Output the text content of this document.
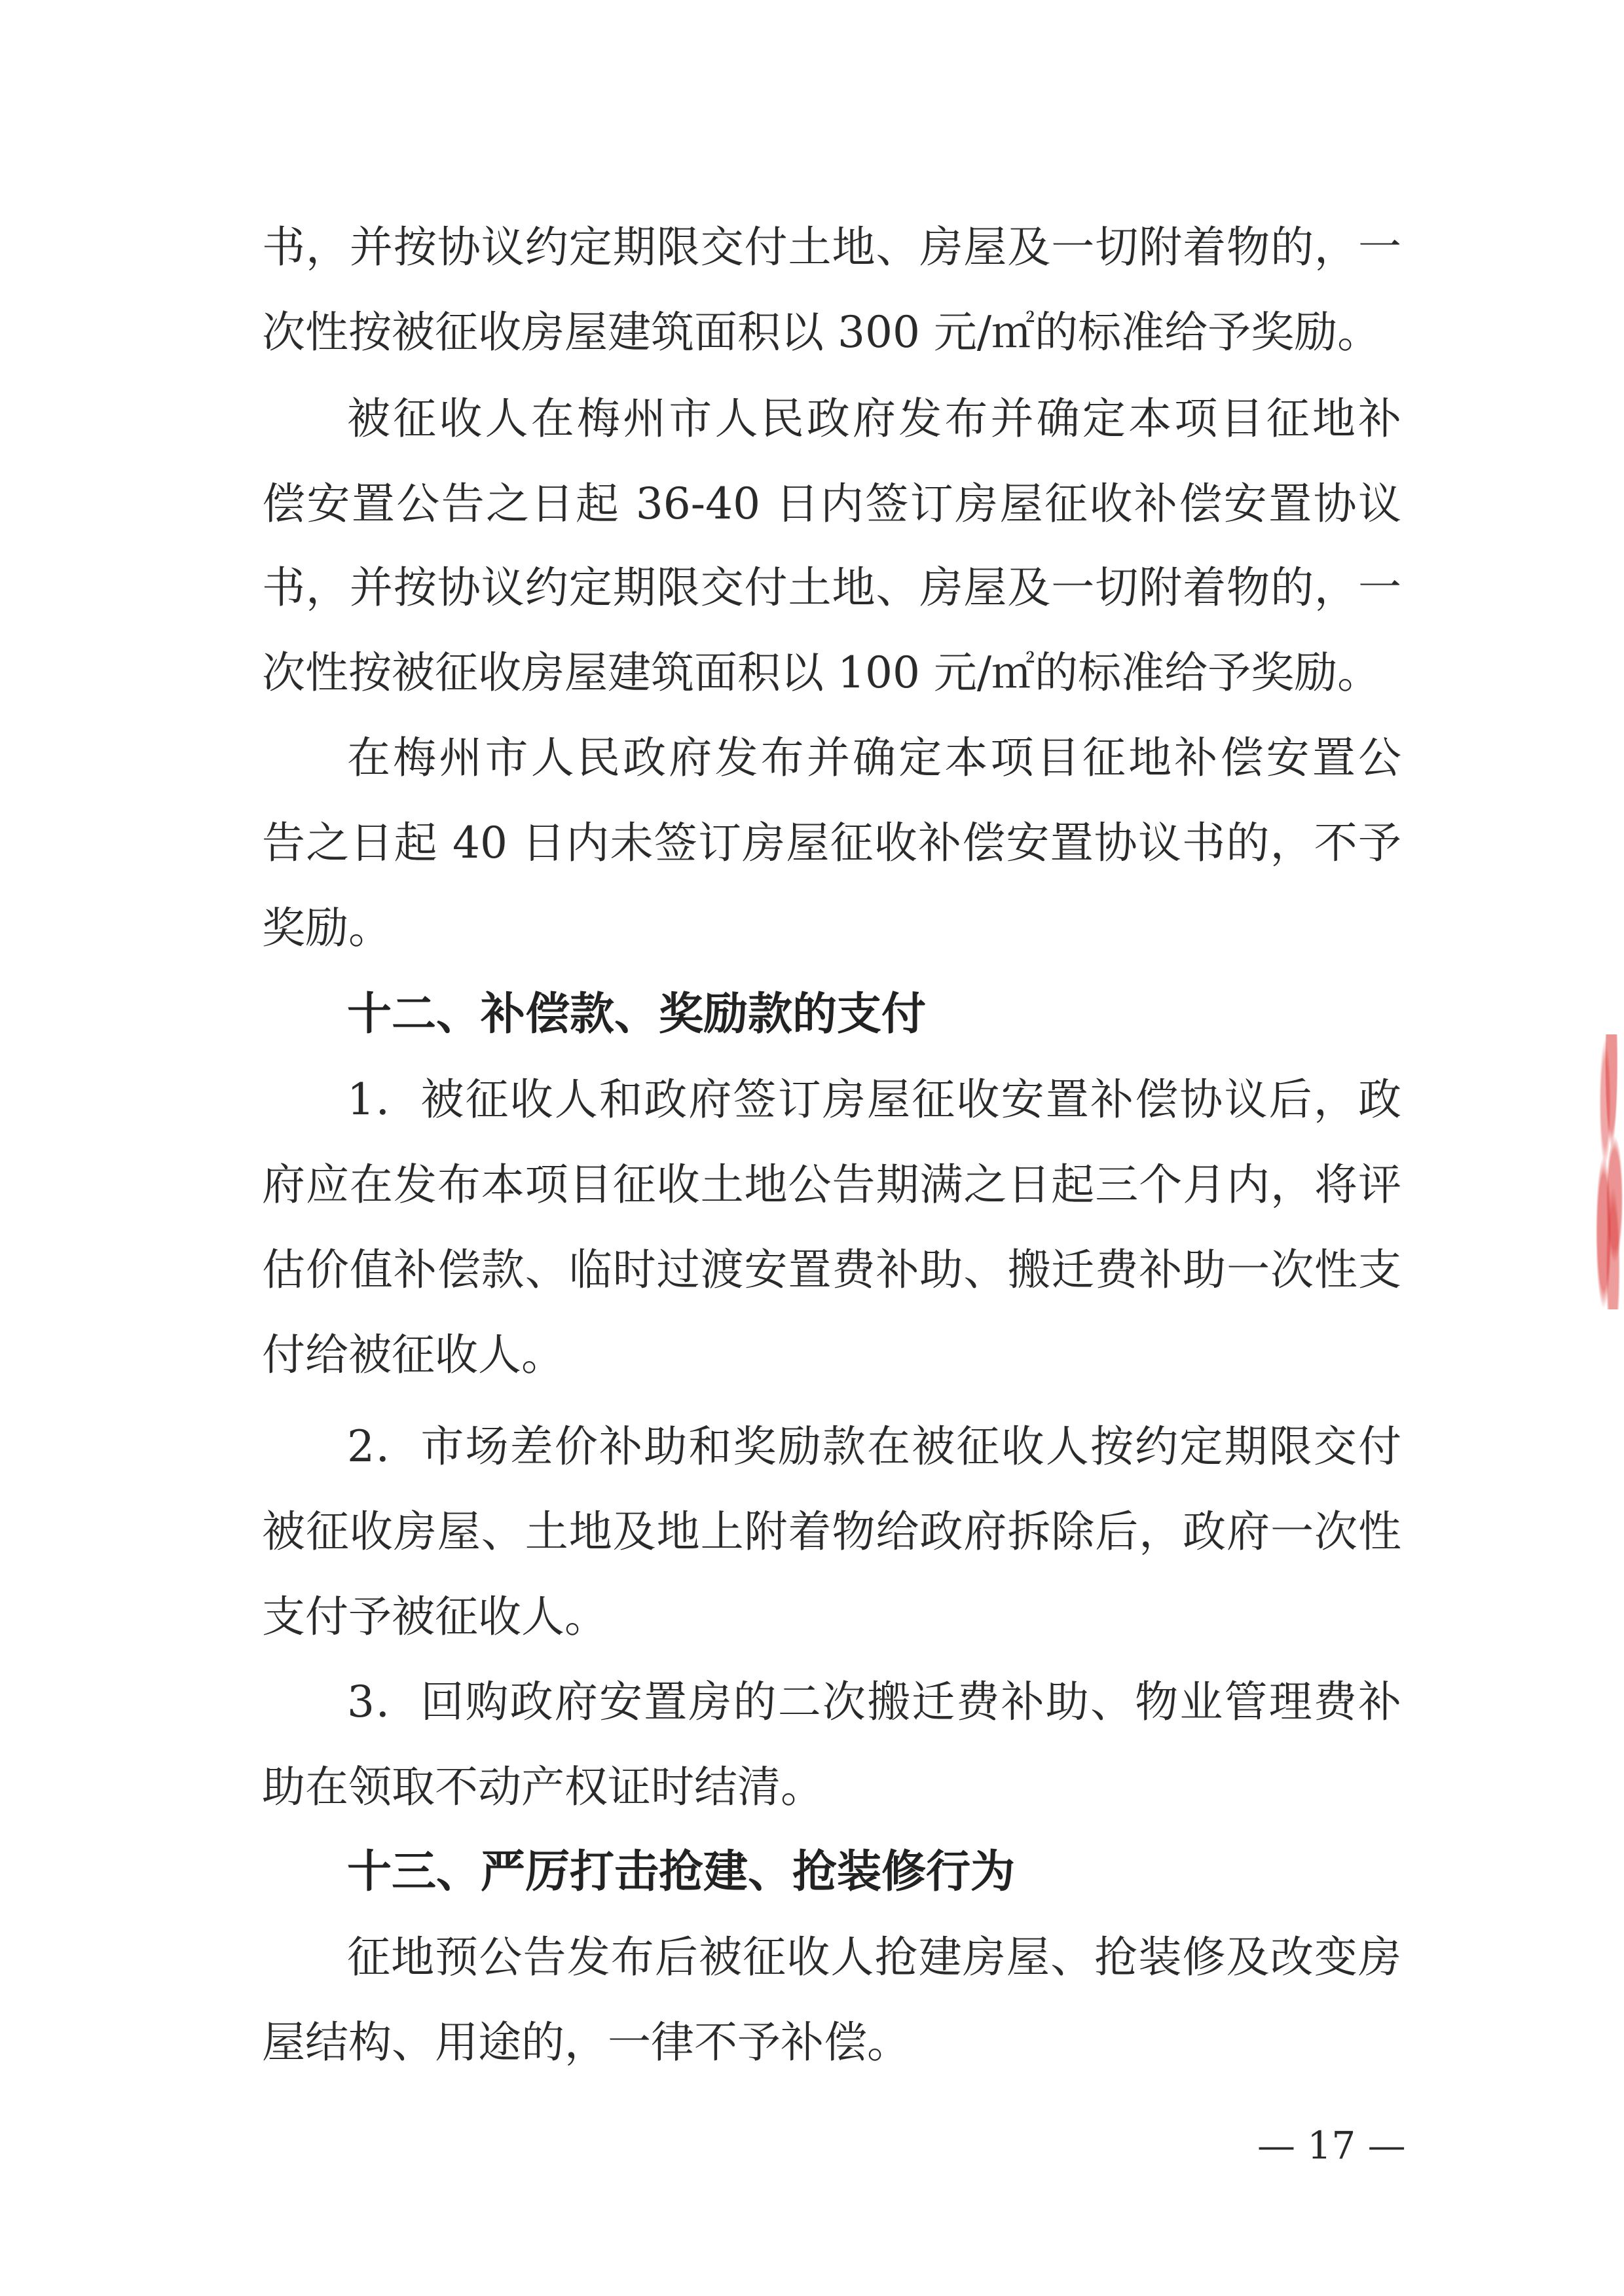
书，并按协议约定期限交付土地、房屋及一切附着物的，一
次性按被征收房屋建筑面积以 300 元/㎡的标准给予奖励。
被征收人在梅州市人民政府发布并确定本项目征地补
偿安置公告之日起 36-40 日内签订房屋征收补偿安置协议
书，并按协议约定期限交付土地、房屋及一切附着物的，一
次性按被征收房屋建筑面积以 100 元/㎡的标准给予奖励。
在梅州市人民政府发布并确定本项目征地补偿安置公
告之日起 40 日内未签订房屋征收补偿安置协议书的，不予
奖励。
十二、补偿款、奖励款的支付
1．被征收人和政府签订房屋征收安置补偿协议后，政
府应在发布本项目征收土地公告期满之日起三个月内，将评
估价值补偿款、临时过渡安置费补助、搬迁费补助一次性支
付给被征收人。
2．市场差价补助和奖励款在被征收人按约定期限交付
被征收房屋、土地及地上附着物给政府拆除后，政府一次性
支付予被征收人。
3．回购政府安置房的二次搬迁费补助、物业管理费补
助在领取不动产权证时结清。
十三、严厉打击抢建、抢装修行为
征地预公告发布后被征收人抢建房屋、抢装修及改变房
屋结构、用途的，一律不予补偿。
— 17 —
